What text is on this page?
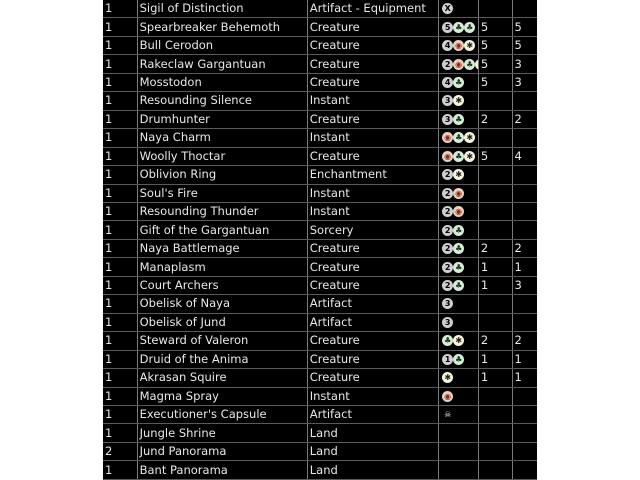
1	Sigil of Distinction	Artifact - Equipment	X		
1	Spearbreaker Behemoth	Creature	5 ♣ ♣	5	5
1	Bull Cerodon	Creature	4 ◉ ✱	5	5
1	Rakeclaw Gargantuan	Creature	2 ◉ ♣	5	3
1	Mosstodon	Creature	4 ♣	5	3
1	Resounding Silence	Instant	3 ✱		
1	Drumhunter	Creature	3 ♣	2	2
1	Naya Charm	Instant	◉ ♣ ✱		
1	Woolly Thoctar	Creature	◉ ♣ ✱	5	4
1	Oblivion Ring	Enchantment	2 ✱		
1	Soul's Fire	Instant	2 ◉		
1	Resounding Thunder	Instant	2 ◉		
1	Gift of the Gargantuan	Sorcery	2 ♣		
1	Naya Battlemage	Creature	2 ♣	2	2
1	Manaplasm	Creature	2 ♣	1	1
1	Court Archers	Creature	2 ♣	1	3
1	Obelisk of Naya	Artifact	3		
1	Obelisk of Jund	Artifact	3		
1	Steward of Valeron	Creature	♣ ✱	2	2
1	Druid of the Anima	Creature	1 ♣	1	1
1	Akrasan Squire	Creature	✱	1	1
1	Magma Spray	Instant	◉		
1	Executioner's Capsule	Artifact	☠		
1	Jungle Shrine	Land			
2	Jund Panorama	Land			
1	Bant Panorama	Land			
